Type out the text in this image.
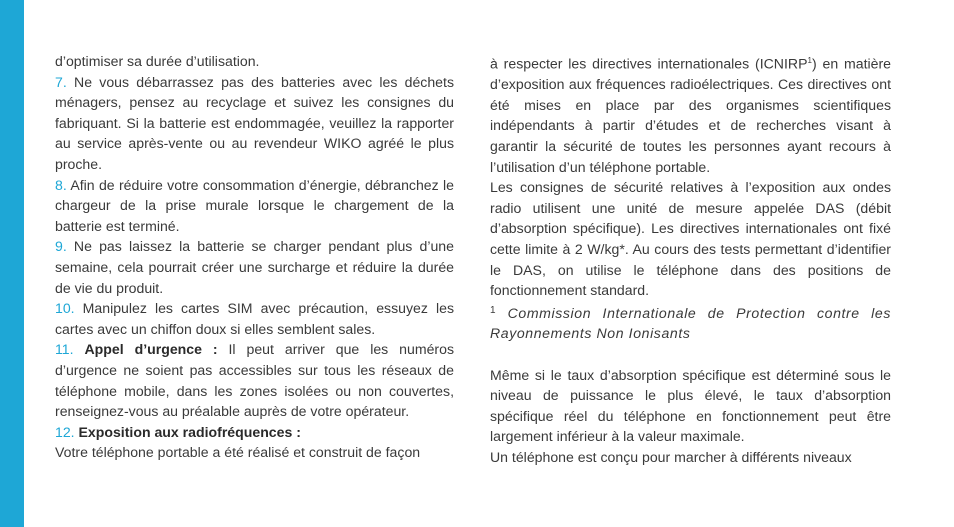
d’optimiser sa durée d’utilisation.

7. Ne vous débarrassez pas des batteries avec les déchets ménagers, pensez au recyclage et suivez les consignes du fabriquant. Si la batterie est endommagée, veuillez la rapporter au service après-vente ou au revendeur WIKO agréé le plus proche.

8. Afin de réduire votre consommation d’énergie, débranchez le chargeur de la prise murale lorsque le chargement de la batterie est terminé.

9. Ne pas laissez la batterie se charger pendant plus d’une semaine, cela pourrait créer une surcharge et réduire la durée de vie du produit.

10. Manipulez les cartes SIM avec précaution, essuyez les cartes avec un chiffon doux si elles semblent sales.

11. Appel d’urgence : Il peut arriver que les numéros d’urgence ne soient pas accessibles sur tous les réseaux de téléphone mobile, dans les zones isolées ou non couvertes, renseignez-vous au préalable auprès de votre opérateur.

12. Exposition aux radiofréquences :

Votre téléphone portable a été réalisé et construit de façon

à respecter les directives internationales (ICNIRP$^1$) en matière d’exposition aux fréquences radioélectriques. Ces directives ont été mises en place par des organismes scientifiques indépendants à partir d’études et de recherches visant à garantir la sécurité de toutes les personnes ayant recours à l’utilisation d’un téléphone portable.

Les consignes de sécurité relatives à l’exposition aux ondes radio utilisent une unité de mesure appelée DAS (débit d’absorption spécifique). Les directives internationales ont fixé cette limite à 2 W/kg*. Au cours des tests permettant d’identifier le DAS, on utilise le téléphone dans des positions de fonctionnement standard.

$^1$ Commission Internationale de Protection contre les Rayonnements Non Ionisants

Même si le taux d’absorption spécifique est déterminé sous le niveau de puissance le plus élevé, le taux d’absorption spécifique réel du téléphone en fonctionnement peut être largement inférieur à la valeur maximale.

Un téléphone est conçu pour marcher à différents niveaux
